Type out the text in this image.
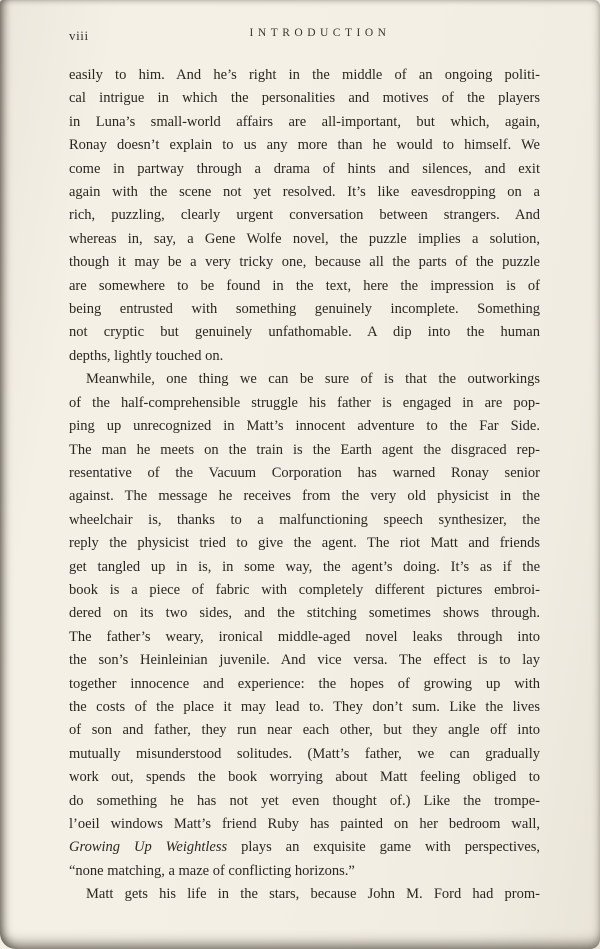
viii	INTRODUCTION
easily to him. And he’s right in the middle of an ongoing politi-
cal intrigue in which the personalities and motives of the players
in Luna’s small-world affairs are all-important, but which, again,
Ronay doesn’t explain to us any more than he would to himself. We
come in partway through a drama of hints and silences, and exit
again with the scene not yet resolved. It’s like eavesdropping on a
rich, puzzling, clearly urgent conversation between strangers. And
whereas in, say, a Gene Wolfe novel, the puzzle implies a solution,
though it may be a very tricky one, because all the parts of the puzzle
are somewhere to be found in the text, here the impression is of
being entrusted with something genuinely incomplete. Something
not cryptic but genuinely unfathomable. A dip into the human
depths, lightly touched on.
Meanwhile, one thing we can be sure of is that the outworkings
of the half-comprehensible struggle his father is engaged in are pop-
ping up unrecognized in Matt’s innocent adventure to the Far Side.
The man he meets on the train is the Earth agent the disgraced rep-
resentative of the Vacuum Corporation has warned Ronay senior
against. The message he receives from the very old physicist in the
wheelchair is, thanks to a malfunctioning speech synthesizer, the
reply the physicist tried to give the agent. The riot Matt and friends
get tangled up in is, in some way, the agent’s doing. It’s as if the
book is a piece of fabric with completely different pictures embroi-
dered on its two sides, and the stitching sometimes shows through.
The father’s weary, ironical middle-aged novel leaks through into
the son’s Heinleinian juvenile. And vice versa. The effect is to lay
together innocence and experience: the hopes of growing up with
the costs of the place it may lead to. They don’t sum. Like the lives
of son and father, they run near each other, but they angle off into
mutually misunderstood solitudes. (Matt’s father, we can gradually
work out, spends the book worrying about Matt feeling obliged to
do something he has not yet even thought of.) Like the trompe-
l’oeil windows Matt’s friend Ruby has painted on her bedroom wall,
Growing Up Weightless plays an exquisite game with perspectives,
“none matching, a maze of conflicting horizons.”
Matt gets his life in the stars, because John M. Ford had prom-
